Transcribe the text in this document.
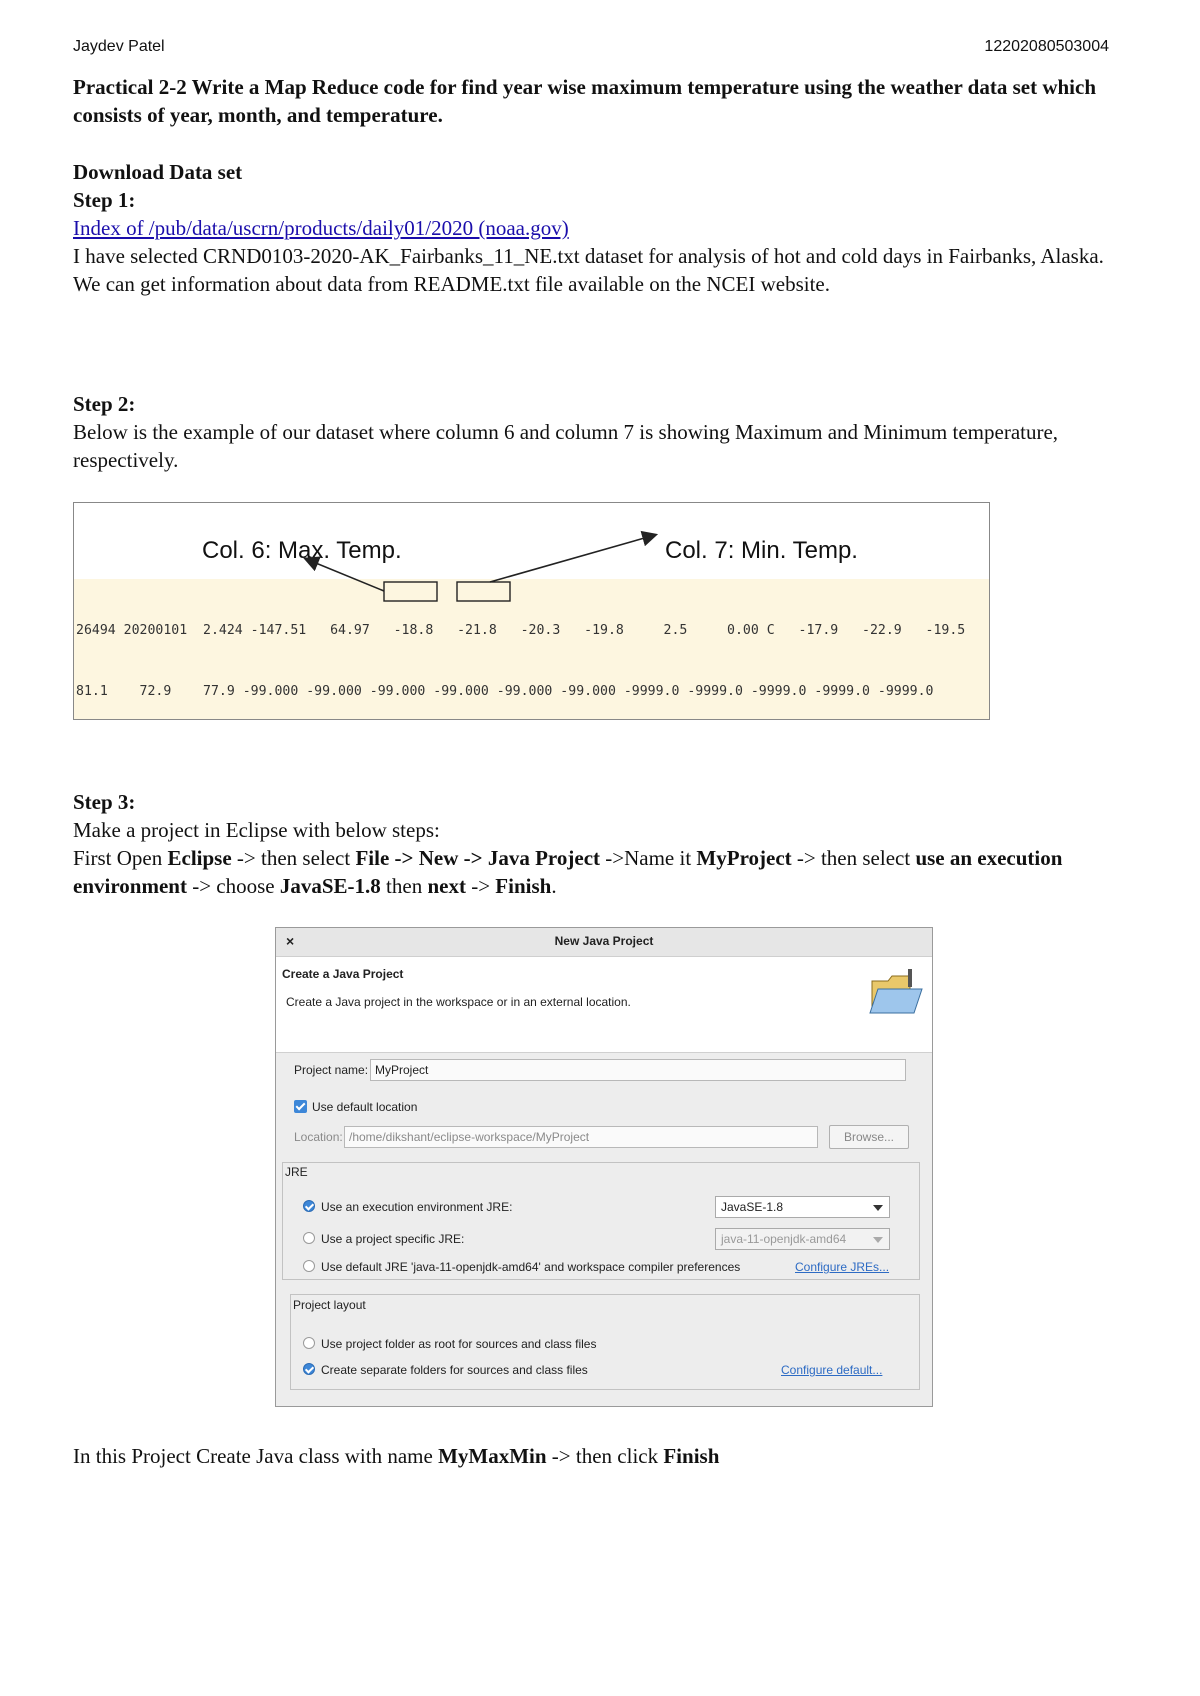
Jaydev Patel	12202080503004
Practical 2-2 Write a Map Reduce code for find year wise maximum temperature using the weather data set which consists of year, month, and temperature.
Download Data set
Step 1:
Index of /pub/data/uscrn/products/daily01/2020 (noaa.gov)
I have selected CRND0103-2020-AK_Fairbanks_11_NE.txt dataset for analysis of hot and cold days in Fairbanks, Alaska. We can get information about data from README.txt file available on the NCEI website.
Step 2:
Below is the example of our dataset where column 6 and column 7 is showing Maximum and Minimum temperature, respectively.

26494 20200101  2.424 -147.51   64.97   -18.8   -21.8   -20.3   -19.8     2.5     0.00 C   -17.9   -22.9   -19.5

81.1    72.9    77.9 -99.000 -99.000 -99.000 -99.000 -99.000 -99.000 -9999.0 -9999.0 -9999.0 -9999.0 -9999.0

Col. 6: Max. Temp.	Col. 7: Min. Temp.
Step 3:
Make a project in Eclipse with below steps:
First Open Eclipse -> then select File -> New -> Java Project ->Name it MyProject -> then select use an execution environment -> choose JavaSE-1.8 then next -> Finish.
×	New Java Project
Create a Java Project
Create a Java project in the workspace or in an external location.
Project name: MyProject
Use default location
Location: /home/dikshant/eclipse-workspace/MyProject	Browse...
JRE
Use an execution environment JRE:	JavaSE-1.8
Use a project specific JRE:	java-11-openjdk-amd64
Use default JRE 'java-11-openjdk-amd64' and workspace compiler preferences	Configure JREs...
Project layout
Use project folder as root for sources and class files
Create separate folders for sources and class files	Configure default...
In this Project Create Java class with name MyMaxMin -> then click Finish
